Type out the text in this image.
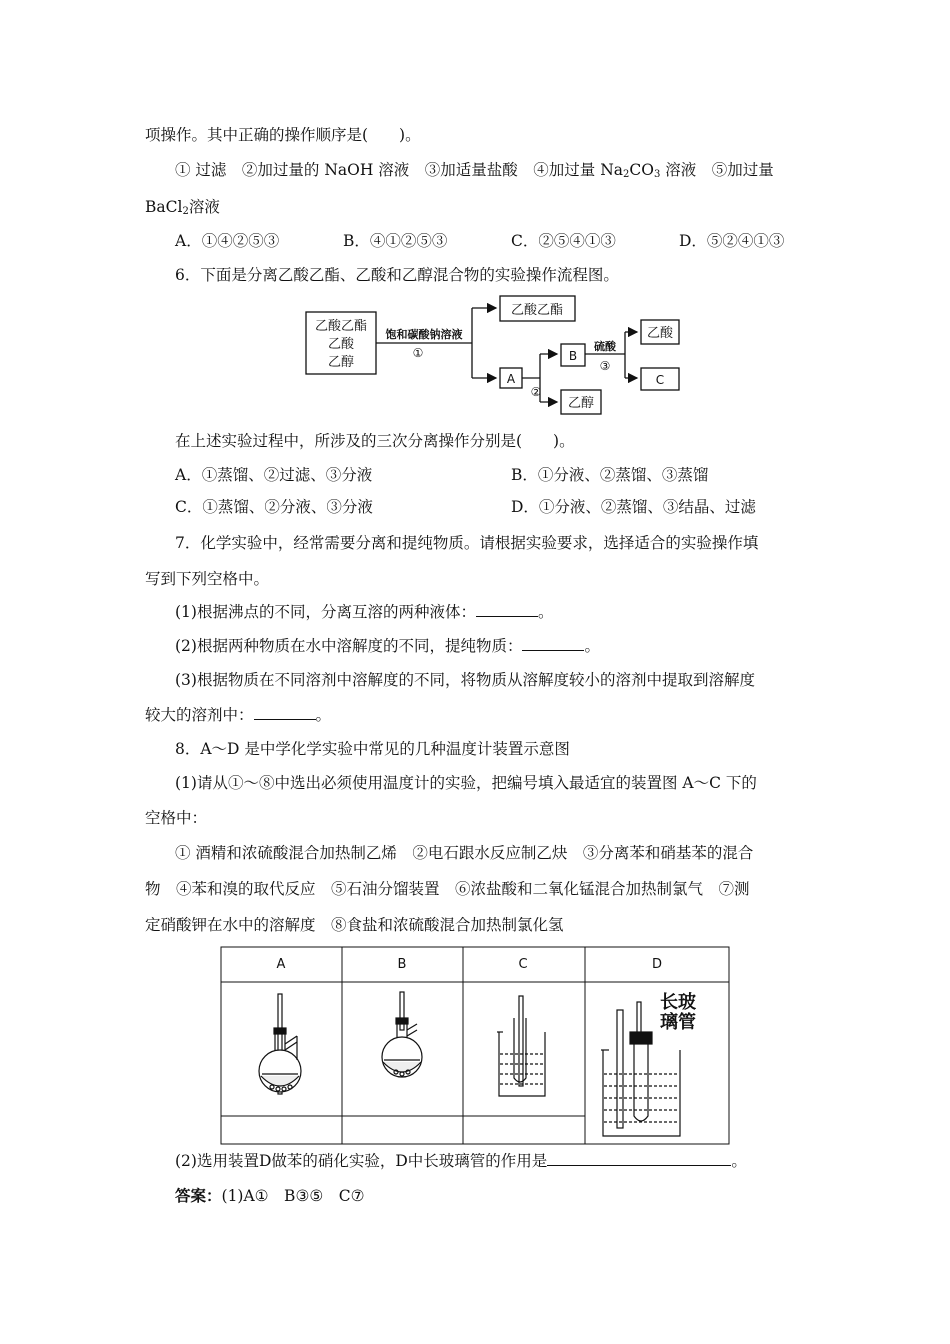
项操作。其中正确的操作顺序是(　　)。
① 过滤　②加过量的 NaOH 溶液　③加适量盐酸　④加过量 $Na_2CO_3$ 溶液　⑤加过量
BaCl$_2$溶液
A．①④②⑤③	B．④①②⑤③	C．②⑤④①③	D．⑤②④①③
6．下面是分离乙酸乙酯、乙酸和乙醇混合物的实验操作流程图。
乙酸乙酯
乙酸
乙醇
饱和碳酸钠溶液
①
乙酸乙酯
A
②
B
乙醇
硫酸
③
乙酸
C
在上述实验过程中，所涉及的三次分离操作分别是(　　)。
A．①蒸馏、②过滤、③分液	B．①分液、②蒸馏、③蒸馏
C．①蒸馏、②分液、③分液	D．①分液、②蒸馏、③结晶、过滤
7．化学实验中，经常需要分离和提纯物质。请根据实验要求，选择适合的实验操作填
写到下列空格中。
(1)根据沸点的不同，分离互溶的两种液体：	。
(2)根据两种物质在水中溶解度的不同，提纯物质：	。
(3)根据物质在不同溶剂中溶解度的不同，将物质从溶解度较小的溶剂中提取到溶解度
较大的溶剂中：	。
8．A～D 是中学化学实验中常见的几种温度计装置示意图
(1)请从①～⑧中选出必须使用温度计的实验，把编号填入最适宜的装置图 A～C 下的
空格中：
① 酒精和浓硫酸混合加热制乙烯　②电石跟水反应制乙炔　③分离苯和硝基苯的混合
物　④苯和溴的取代反应　⑤石油分馏装置　⑥浓盐酸和二氧化锰混合加热制氯气　⑦测
定硝酸钾在水中的溶解度　⑧食盐和浓硫酸混合加热制氯化氢
A	B	C	D
长玻
璃管
(2)选用装置D做苯的硝化实验，D中长玻璃管的作用是	。
答案：(1)A①　B③⑤　C⑦
